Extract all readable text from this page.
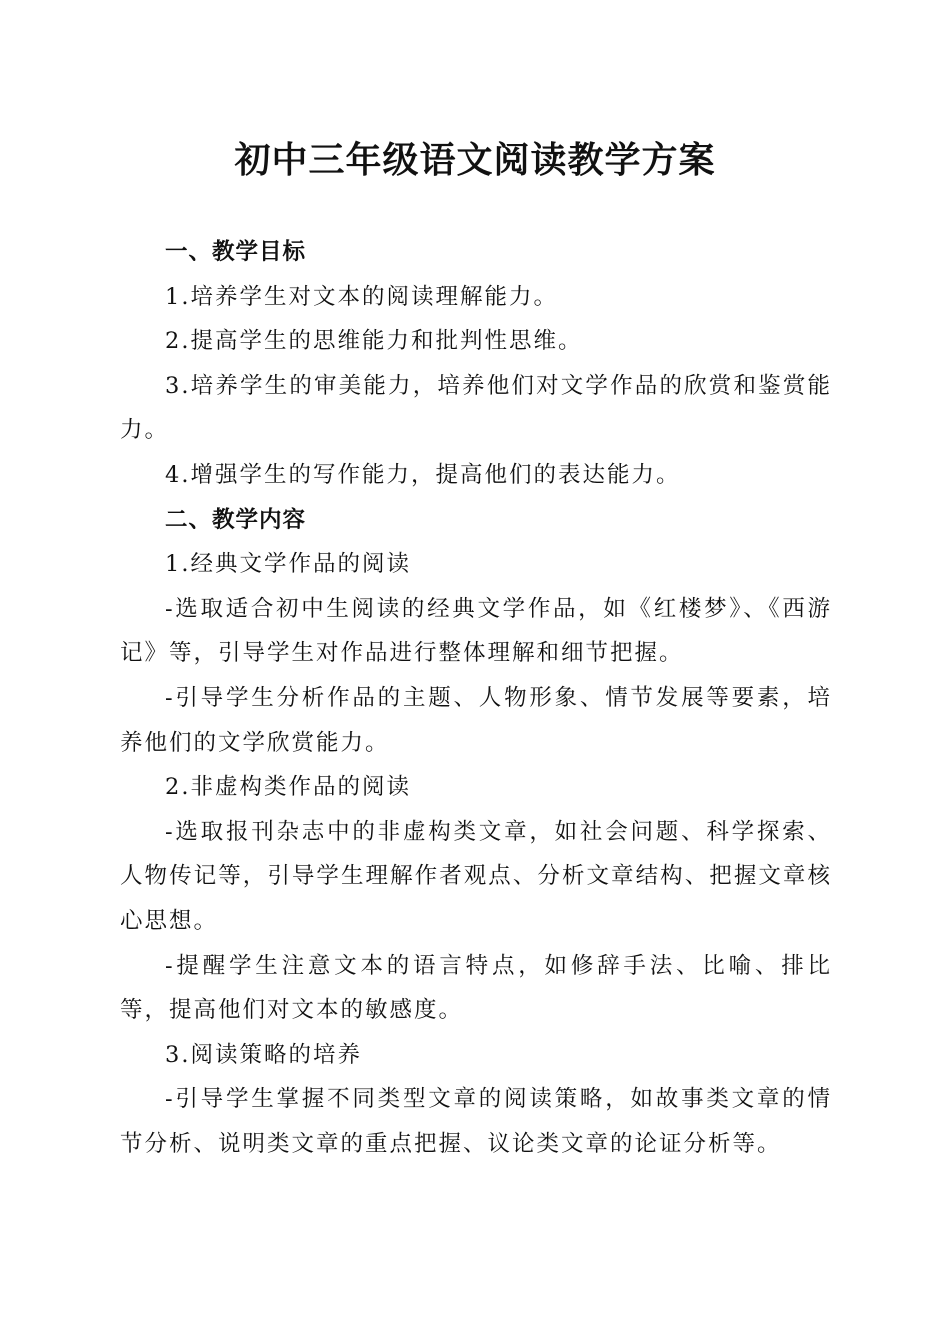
初中三年级语文阅读教学方案

一、教学目标

1.培养学生对文本的阅读理解能力。

2.提高学生的思维能力和批判性思维。

3.培养学生的审美能力，培养他们对文学作品的欣赏和鉴赏能力。

4.增强学生的写作能力，提高他们的表达能力。

二、教学内容

1.经典文学作品的阅读

-选取适合初中生阅读的经典文学作品，如《红楼梦》、《西游记》等，引导学生对作品进行整体理解和细节把握。

-引导学生分析作品的主题、人物形象、情节发展等要素，培养他们的文学欣赏能力。

2.非虚构类作品的阅读

-选取报刊杂志中的非虚构类文章，如社会问题、科学探索、人物传记等，引导学生理解作者观点、分析文章结构、把握文章核心思想。

-提醒学生注意文本的语言特点，如修辞手法、比喻、排比等，提高他们对文本的敏感度。

3.阅读策略的培养

-引导学生掌握不同类型文章的阅读策略，如故事类文章的情节分析、说明类文章的重点把握、议论类文章的论证分析等。
